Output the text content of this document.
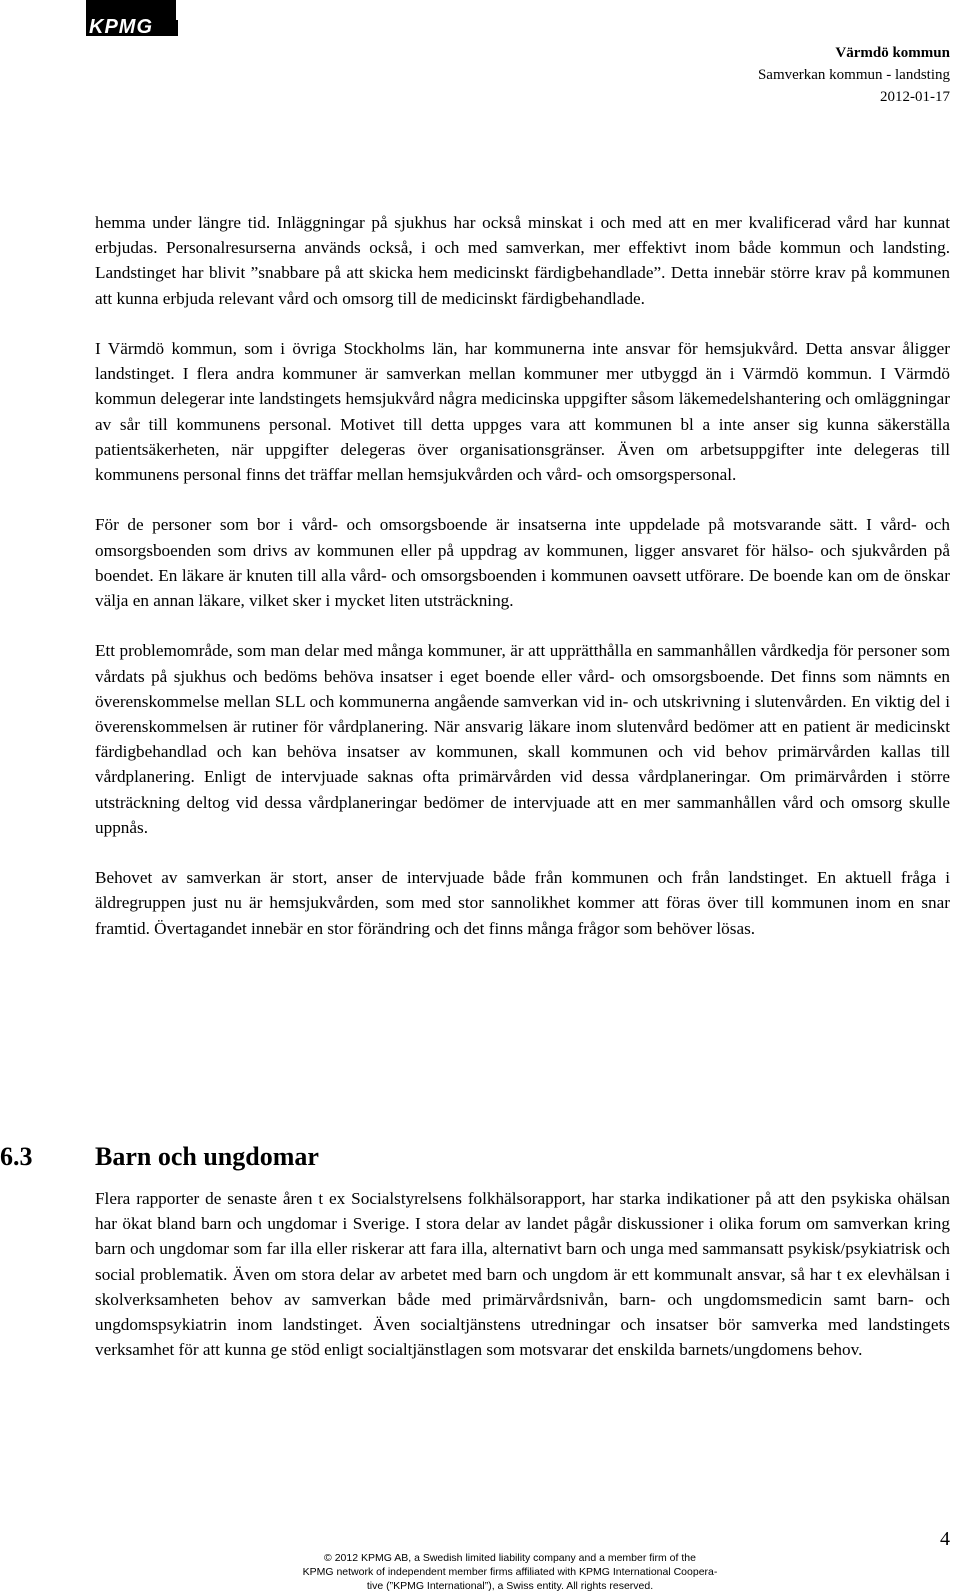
KPMG
Värmdö kommun
Samverkan kommun - landsting
2012-01-17

hemma under längre tid. Inläggningar på sjukhus har också minskat i och med att en mer kvalificerad vård har kunnat erbjudas. Personalresurserna används också, i och med samverkan, mer effektivt inom både kommun och landsting. Landstinget har blivit ”snabbare på att skicka hem medicinskt färdigbehandlade”. Detta innebär större krav på kommunen att kunna erbjuda relevant vård och omsorg till de medicinskt färdigbehandlade.

I Värmdö kommun, som i övriga Stockholms län, har kommunerna inte ansvar för hemsjukvård. Detta ansvar åligger landstinget. I flera andra kommuner är samverkan mellan kommuner mer utbyggd än i Värmdö kommun. I Värmdö kommun delegerar inte landstingets hemsjukvård några medicinska uppgifter såsom läkemedelshantering och omläggningar av sår till kommunens personal. Motivet till detta uppges vara att kommunen bl a inte anser sig kunna säkerställa patientsäkerheten, när uppgifter delegeras över organisationsgränser. Även om arbetsuppgifter inte delegeras till kommunens personal finns det träffar mellan hemsjukvården och vård- och omsorgspersonal.

För de personer som bor i vård- och omsorgsboende är insatserna inte uppdelade på motsvarande sätt. I vård- och omsorgsboenden som drivs av kommunen eller på uppdrag av kommunen, ligger ansvaret för hälso- och sjukvården på boendet. En läkare är knuten till alla vård- och omsorgsboenden i kommunen oavsett utförare. De boende kan om de önskar välja en annan läkare, vilket sker i mycket liten utsträckning.

Ett problemområde, som man delar med många kommuner, är att upprätthålla en sammanhållen vårdkedja för personer som vårdats på sjukhus och bedöms behöva insatser i eget boende eller vård- och omsorgsboende. Det finns som nämnts en överenskommelse mellan SLL och kommunerna angående samverkan vid in- och utskrivning i slutenvården. En viktig del i överenskommelsen är rutiner för vårdplanering. När ansvarig läkare inom slutenvård bedömer att en patient är medicinskt färdigbehandlad och kan behöva insatser av kommunen, skall kommunen och vid behov primärvården kallas till vårdplanering. Enligt de intervjuade saknas ofta primärvården vid dessa vårdplaneringar. Om primärvården i större utsträckning deltog vid dessa vårdplaneringar bedömer de intervjuade att en mer sammanhållen vård och omsorg skulle uppnås.

Behovet av samverkan är stort, anser de intervjuade både från kommunen och från landstinget. En aktuell fråga i äldregruppen just nu är hemsjukvården, som med stor sannolikhet kommer att föras över till kommunen inom en snar framtid. Övertagandet innebär en stor förändring och det finns många frågor som behöver lösas.

6.3 Barn och ungdomar

Flera rapporter de senaste åren t ex Socialstyrelsens folkhälsorapport, har starka indikationer på att den psykiska ohälsan har ökat bland barn och ungdomar i Sverige. I stora delar av landet pågår diskussioner i olika forum om samverkan kring barn och ungdomar som far illa eller riskerar att fara illa, alternativt barn och unga med sammansatt psykisk/psykiatrisk och social problematik. Även om stora delar av arbetet med barn och ungdom är ett kommunalt ansvar, så har t ex elevhälsan i skolverksamheten behov av samverkan både med primärvårdsnivån, barn- och ungdomsmedicin samt barn- och ungdomspsykiatrin inom landstinget. Även socialtjänstens utredningar och insatser bör samverka med landstingets verksamhet för att kunna ge stöd enligt socialtjänstlagen som motsvarar det enskilda barnets/ungdomens behov.

4
© 2012 KPMG AB, a Swedish limited liability company and a member firm of the
KPMG network of independent member firms affiliated with KPMG International Coopera-
tive (”KPMG International”), a Swiss entity. All rights reserved.
